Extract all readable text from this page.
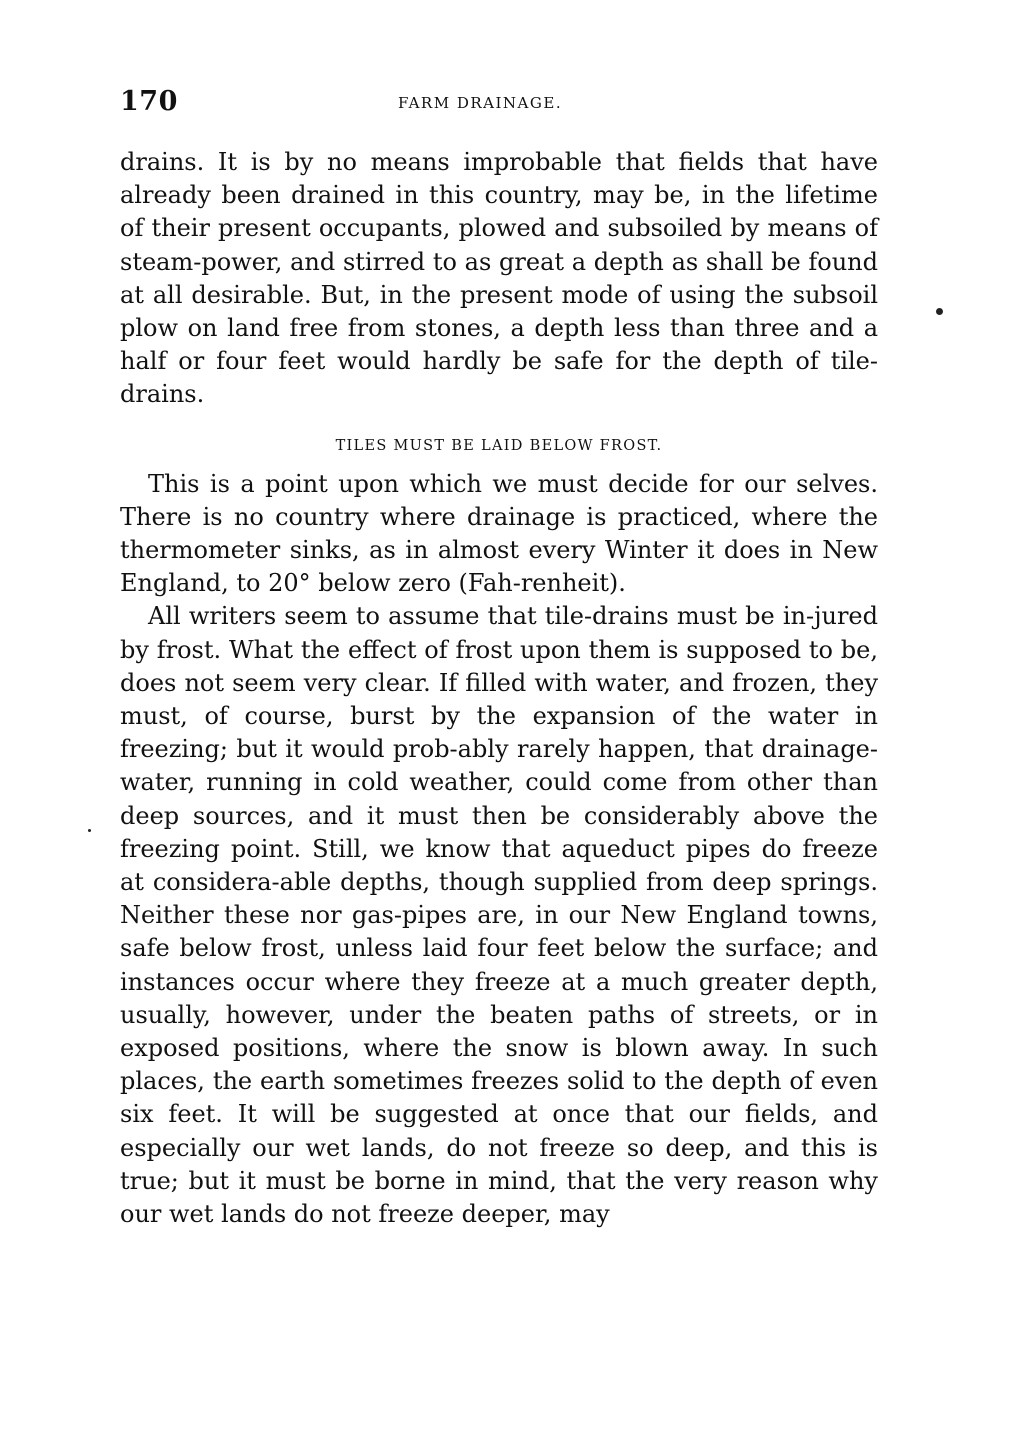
170	FARM DRAINAGE.

drains. It is by no means improbable that fields that have already been drained in this country, may be, in the lifetime of their present occupants, plowed and subsoiled by means of steam-power, and stirred to as great a depth as shall be found at all desirable. But, in the present mode of using the subsoil plow on land free from stones, a depth less than three and a half or four feet would hardly be safe for the depth of tile-drains.

TILES MUST BE LAID BELOW FROST.

This is a point upon which we must decide for our selves. There is no country where drainage is practiced, where the thermometer sinks, as in almost every Winter it does in New England, to 20° below zero (Fah-renheit).

All writers seem to assume that tile-drains must be in-jured by frost. What the effect of frost upon them is supposed to be, does not seem very clear. If filled with water, and frozen, they must, of course, burst by the expansion of the water in freezing; but it would prob-ably rarely happen, that drainage-water, running in cold weather, could come from other than deep sources, and it must then be considerably above the freezing point. Still, we know that aqueduct pipes do freeze at considera-able depths, though supplied from deep springs. Neither these nor gas-pipes are, in our New England towns, safe below frost, unless laid four feet below the surface; and instances occur where they freeze at a much greater depth, usually, however, under the beaten paths of streets, or in exposed positions, where the snow is blown away. In such places, the earth sometimes freezes solid to the depth of even six feet. It will be suggested at once that our fields, and especially our wet lands, do not freeze so deep, and this is true; but it must be borne in mind, that the very reason why our wet lands do not freeze deeper, may
